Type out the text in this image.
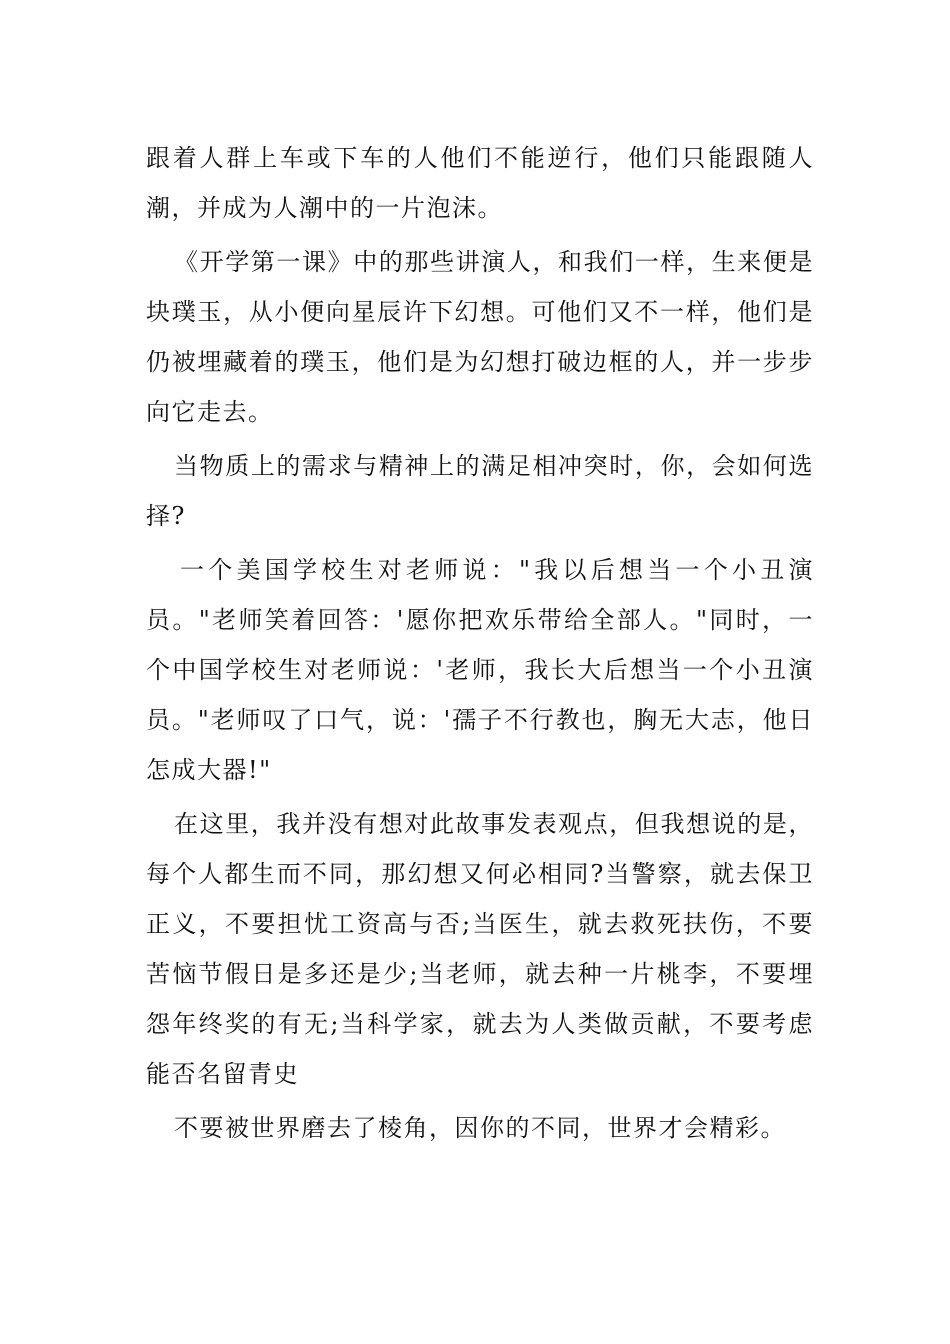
跟着人群上车或下车的人他们不能逆行，他们只能跟随人潮，并成为人潮中的一片泡沫。

《开学第一课》中的那些讲演人，和我们一样，生来便是块璞玉，从小便向星辰许下幻想。可他们又不一样，他们是仍被埋藏着的璞玉，他们是为幻想打破边框的人，并一步步向它走去。

当物质上的需求与精神上的满足相冲突时，你，会如何选择?

一个美国学校生对老师说："我以后想当一个小丑演员。"老师笑着回答：'愿你把欢乐带给全部人。"同时，一个中国学校生对老师说：'老师，我长大后想当一个小丑演员。"老师叹了口气，说：'孺子不行教也，胸无大志，他日怎成大器!"

在这里，我并没有想对此故事发表观点，但我想说的是，每个人都生而不同，那幻想又何必相同?当警察，就去保卫正义，不要担忧工资高与否;当医生，就去救死扶伤，不要苦恼节假日是多还是少;当老师，就去种一片桃李，不要埋怨年终奖的有无;当科学家，就去为人类做贡献，不要考虑能否名留青史

不要被世界磨去了棱角，因你的不同，世界才会精彩。
